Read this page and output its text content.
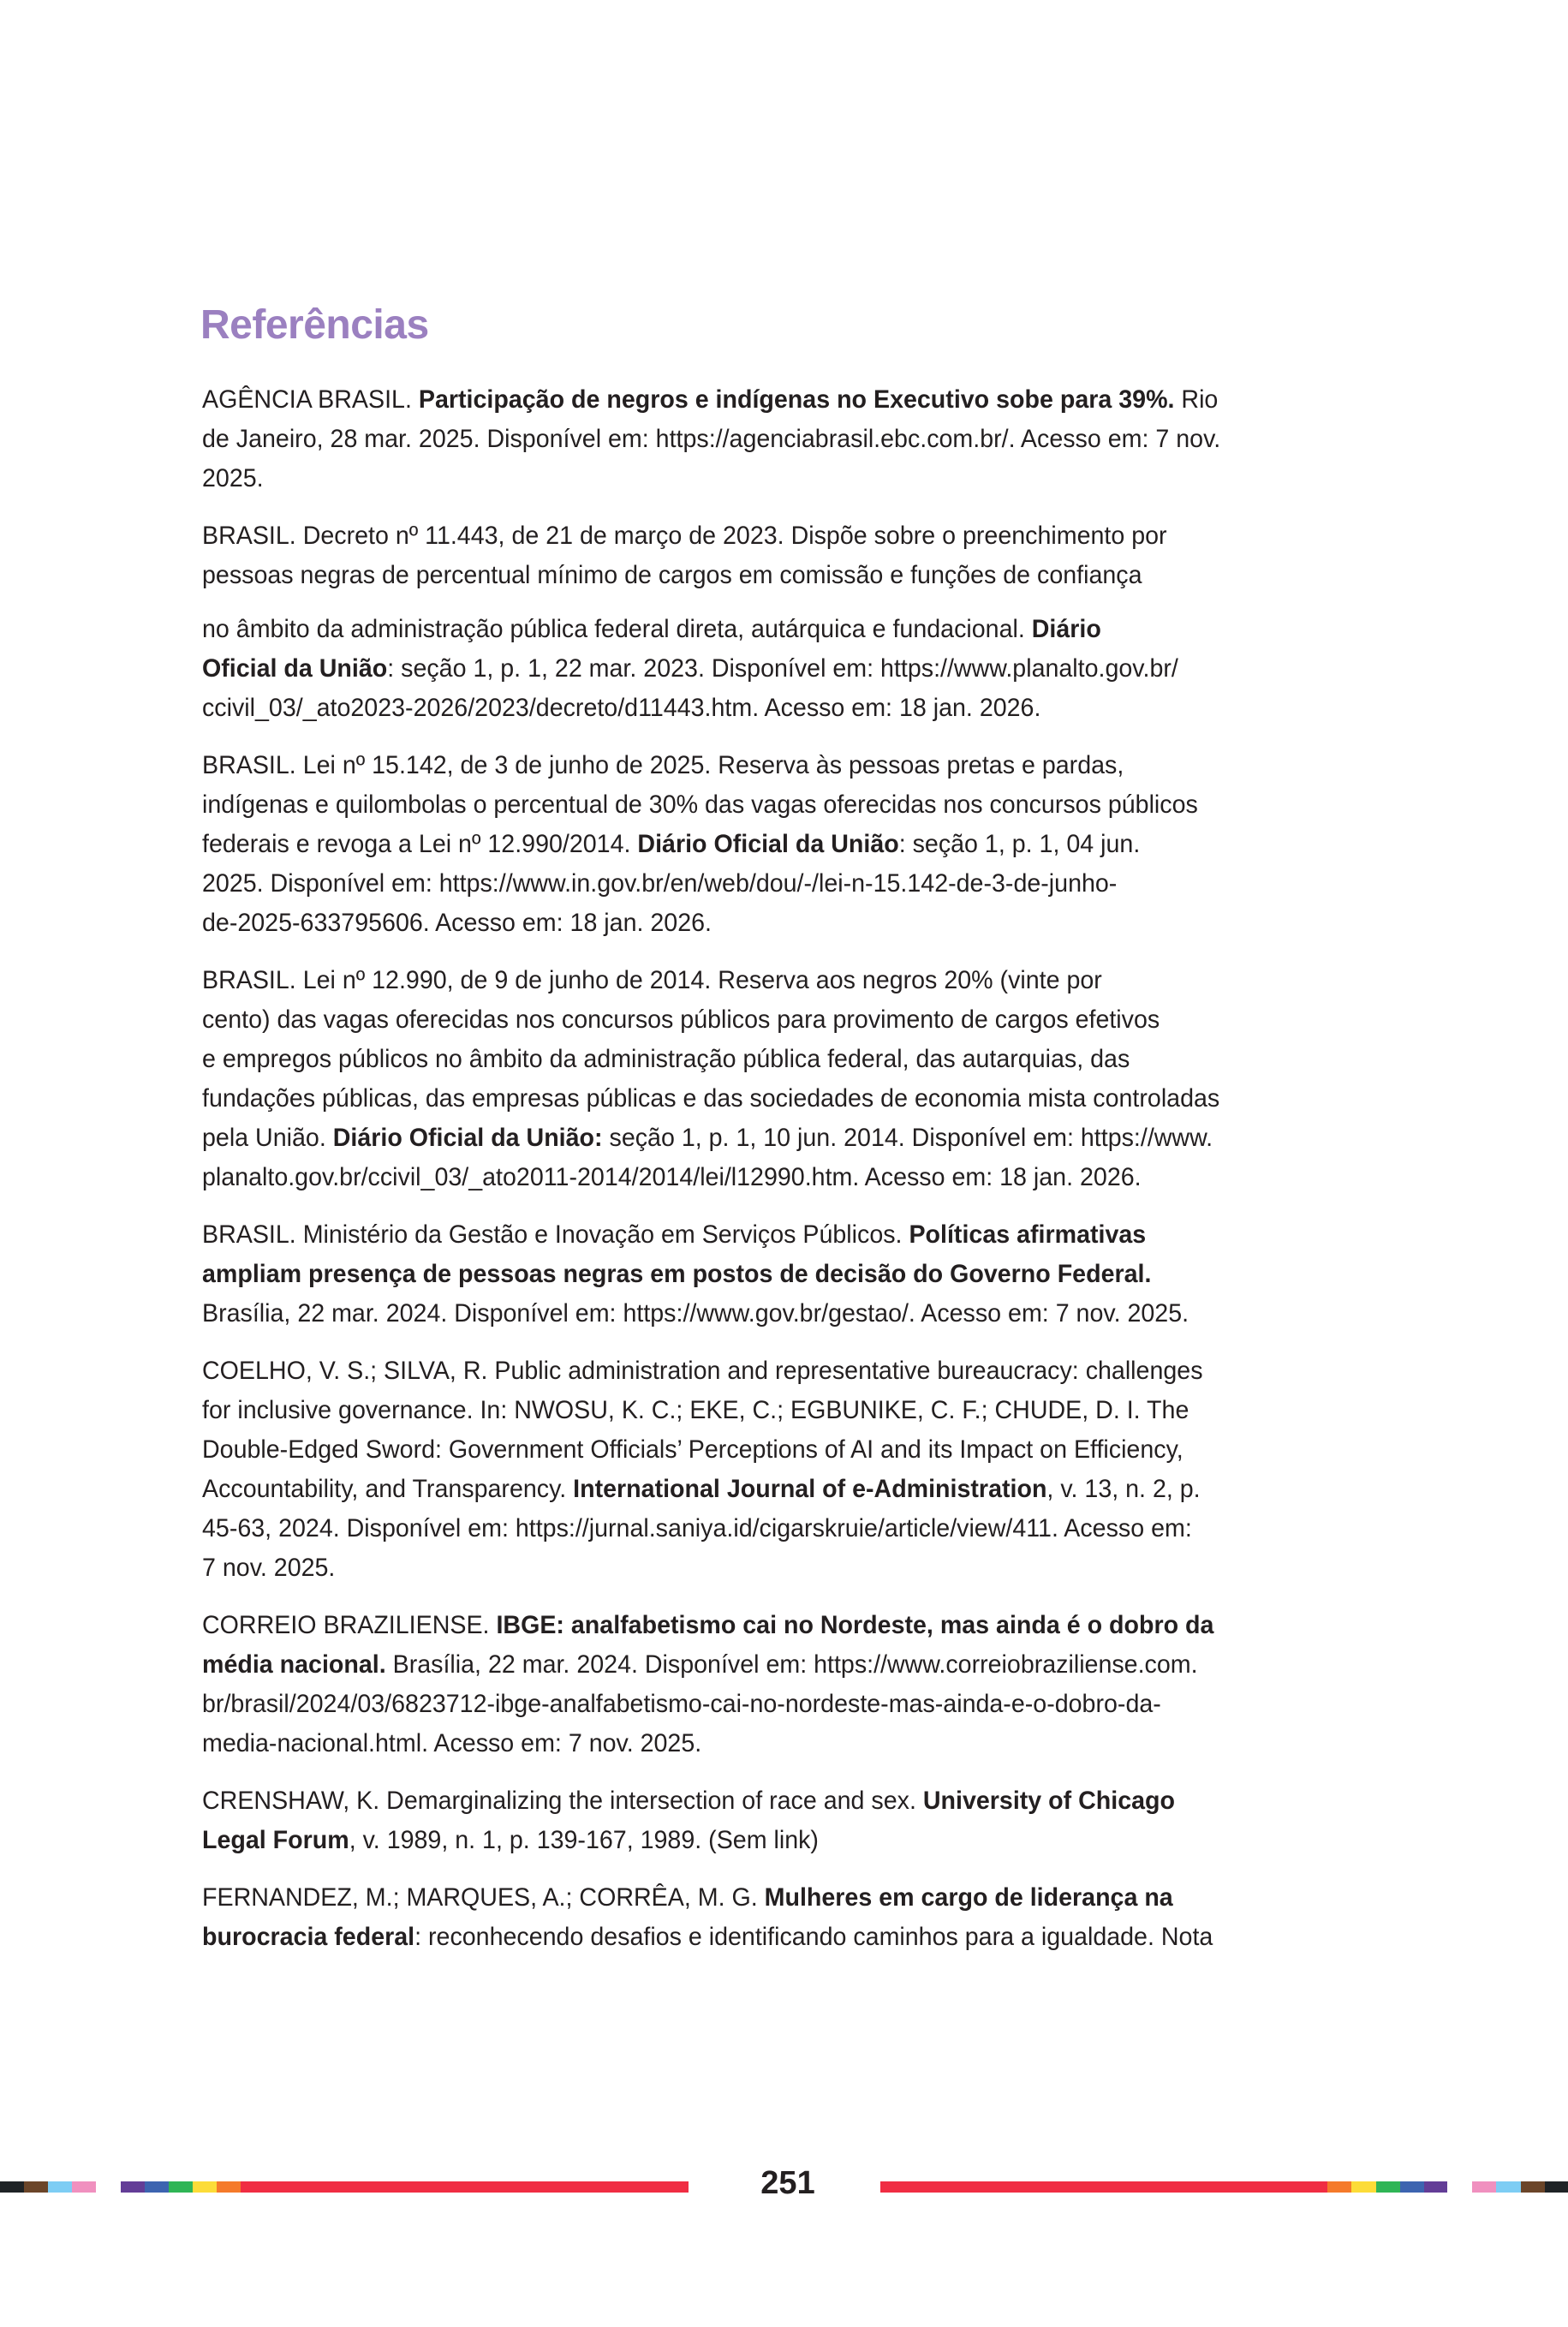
Referências
AGÊNCIA BRASIL. Participação de negros e indígenas no Executivo sobe para 39%. Rio
de Janeiro, 28 mar. 2025. Disponível em: https://agenciabrasil.ebc.com.br/. Acesso em: 7 nov.
2025.
BRASIL. Decreto nº 11.443, de 21 de março de 2023. Dispõe sobre o preenchimento por
pessoas negras de percentual mínimo de cargos em comissão e funções de confiança
no âmbito da administração pública federal direta, autárquica e fundacional. Diário
Oficial da União: seção 1, p. 1, 22 mar. 2023. Disponível em: https://www.planalto.gov.br/
ccivil_03/_ato2023-2026/2023/decreto/d11443.htm. Acesso em: 18 jan. 2026.
BRASIL. Lei nº 15.142, de 3 de junho de 2025. Reserva às pessoas pretas e pardas,
indígenas e quilombolas o percentual de 30% das vagas oferecidas nos concursos públicos
federais e revoga a Lei nº 12.990/2014. Diário Oficial da União: seção 1, p. 1, 04 jun.
2025. Disponível em: https://www.in.gov.br/en/web/dou/-/lei-n-15.142-de-3-de-junho-
de-2025-633795606. Acesso em: 18 jan. 2026.
BRASIL. Lei nº 12.990, de 9 de junho de 2014. Reserva aos negros 20% (vinte por
cento) das vagas oferecidas nos concursos públicos para provimento de cargos efetivos
e empregos públicos no âmbito da administração pública federal, das autarquias, das
fundações públicas, das empresas públicas e das sociedades de economia mista controladas
pela União. Diário Oficial da União: seção 1, p. 1, 10 jun. 2014. Disponível em: https://www.
planalto.gov.br/ccivil_03/_ato2011-2014/2014/lei/l12990.htm. Acesso em: 18 jan. 2026.
BRASIL. Ministério da Gestão e Inovação em Serviços Públicos. Políticas afirmativas
ampliam presença de pessoas negras em postos de decisão do Governo Federal.
Brasília, 22 mar. 2024. Disponível em: https://www.gov.br/gestao/. Acesso em: 7 nov. 2025.
COELHO, V. S.; SILVA, R. Public administration and representative bureaucracy: challenges
for inclusive governance. In: NWOSU, K. C.; EKE, C.; EGBUNIKE, C. F.; CHUDE, D. I. The
Double-Edged Sword: Government Officials’ Perceptions of AI and its Impact on Efficiency,
Accountability, and Transparency. International Journal of e-Administration, v. 13, n. 2, p.
45-63, 2024. Disponível em: https://jurnal.saniya.id/cigarskruie/article/view/411. Acesso em:
7 nov. 2025.
CORREIO BRAZILIENSE. IBGE: analfabetismo cai no Nordeste, mas ainda é o dobro da
média nacional. Brasília, 22 mar. 2024. Disponível em: https://www.correiobraziliense.com.
br/brasil/2024/03/6823712-ibge-analfabetismo-cai-no-nordeste-mas-ainda-e-o-dobro-da-
media-nacional.html. Acesso em: 7 nov. 2025.
CRENSHAW, K. Demarginalizing the intersection of race and sex. University of Chicago
Legal Forum, v. 1989, n. 1, p. 139-167, 1989. (Sem link)
FERNANDEZ, M.; MARQUES, A.; CORRÊA, M. G. Mulheres em cargo de liderança na
burocracia federal: reconhecendo desafios e identificando caminhos para a igualdade. Nota
251
